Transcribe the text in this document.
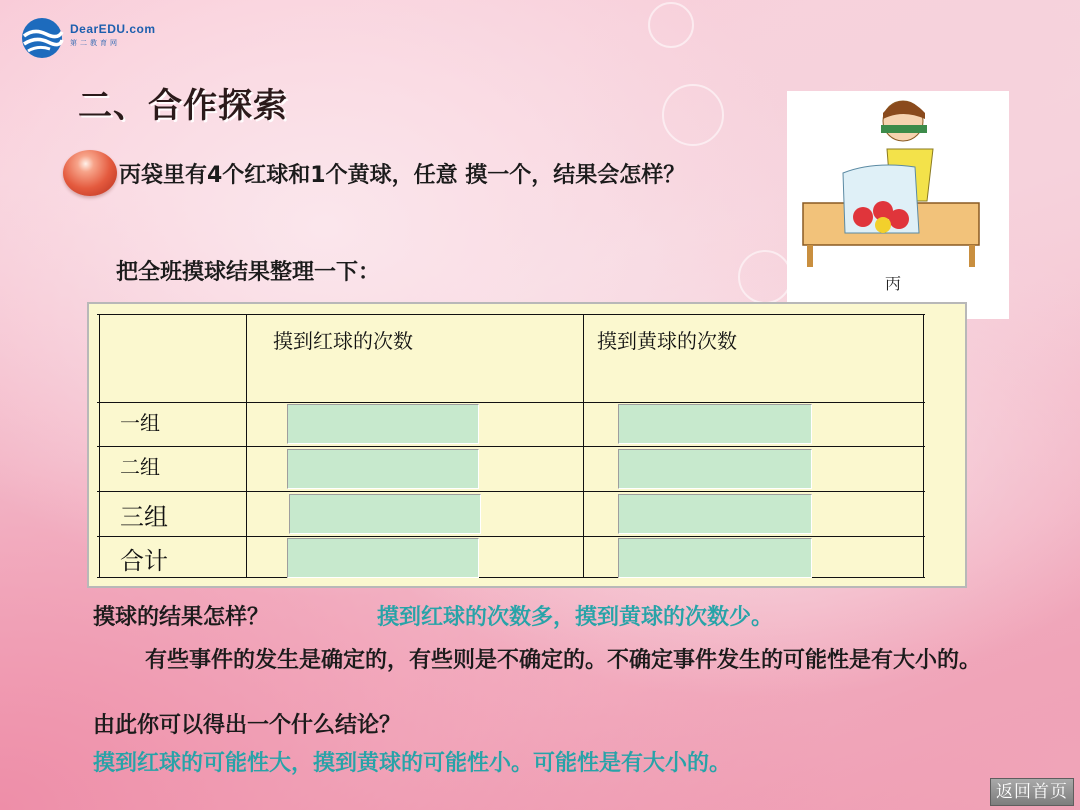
DearEDU.com
第二教育网
二、合作探索
丙袋里有4个红球和1个黄球，任意 摸一个，结果会怎样？
丙
把全班摸球结果整理一下：
摸到红球的次数	摸到黄球的次数
一组
二组
三组
合计
摸球的结果怎样？	摸到红球的次数多，摸到黄球的次数少。
有些事件的发生是确定的，有些则是不确定的。不确定事件发生的可能性是有大小的。
由此你可以得出一个什么结论？
摸到红球的可能性大，摸到黄球的可能性小。可能性是有大小的。
返回首页
